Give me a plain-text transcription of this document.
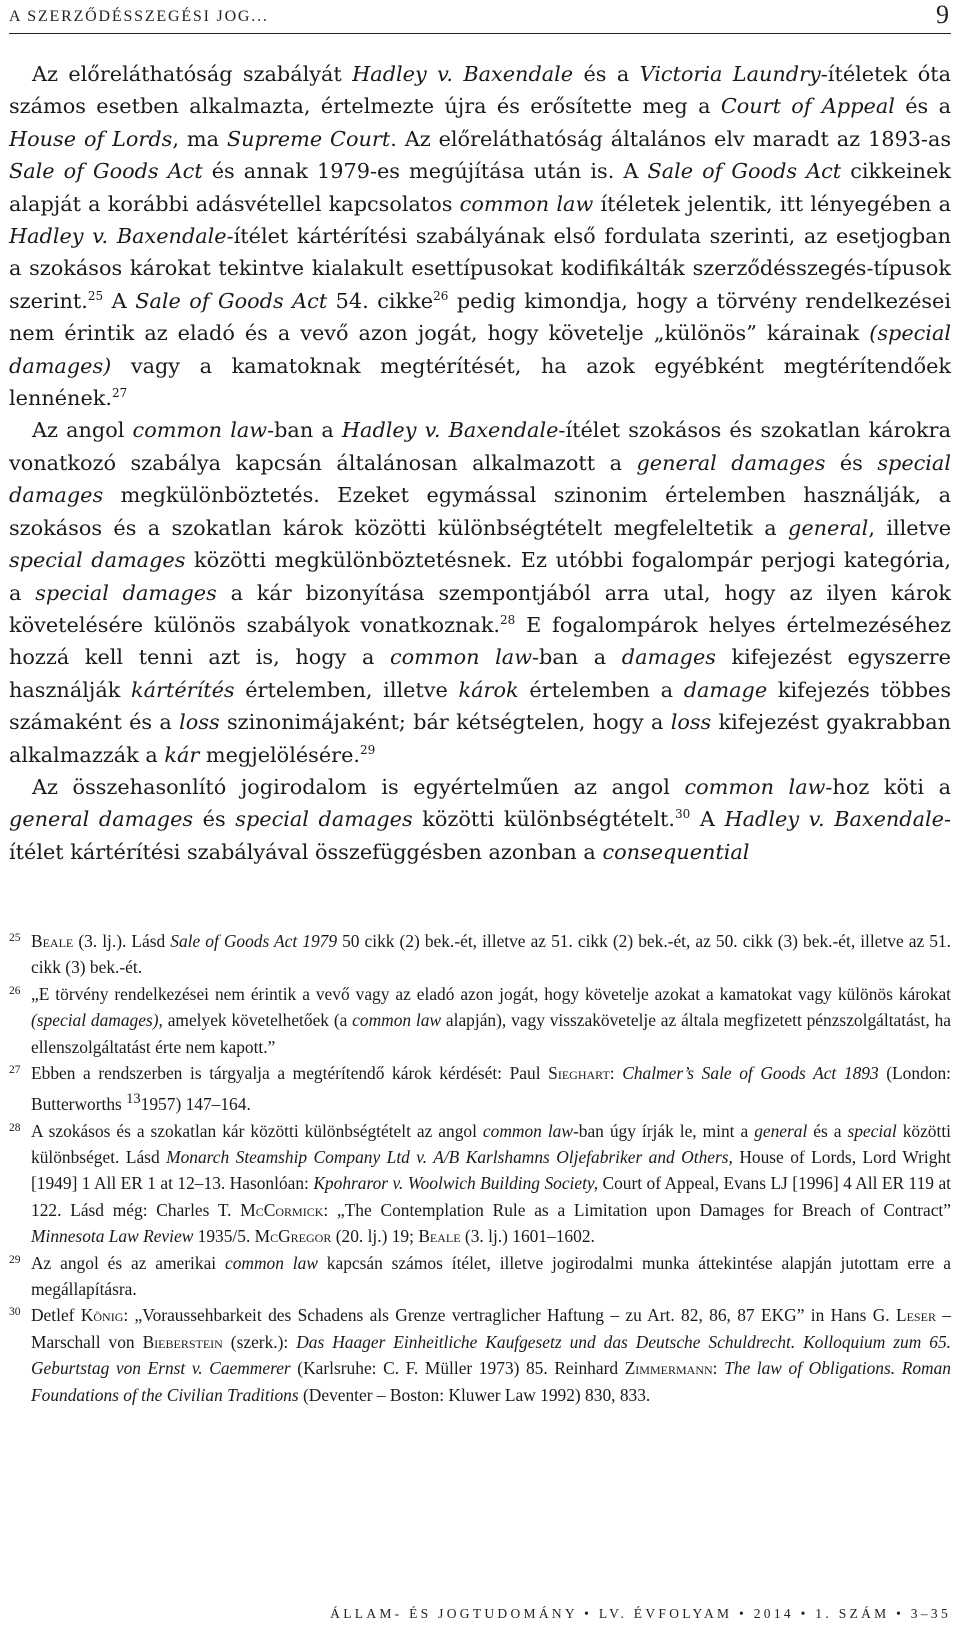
A SZERZŐDÉSSZEGÉSI JOG...	9

Az előreláthatóság szabályát Hadley v. Baxendale és a Victoria Laundry-ítéletek óta számos esetben alkalmazta, értelmezte újra és erősítette meg a Court of Appeal és a House of Lords, ma Supreme Court. Az előreláthatóság általános elv maradt az 1893-as Sale of Goods Act és annak 1979-es megújítása után is. A Sale of Goods Act cikkeinek alapját a korábbi adásvétellel kapcsolatos common law ítéletek jelentik, itt lényegében a Hadley v. Baxendale-ítélet kártérítési szabályának első fordulata szerinti, az esetjogban a szokásos károkat tekintve kialakult esettípusokat kodifikálták szerződésszegés-típusok szerint.$^{25}$ A Sale of Goods Act 54. cikke$^{26}$ pedig kimondja, hogy a törvény rendelkezései nem érintik az eladó és a vevő azon jogát, hogy követelje „különös” kárainak (special damages) vagy a kamatoknak megtérítését, ha azok egyébként megtérítendőek lennének.$^{27}$

Az angol common law-ban a Hadley v. Baxendale-ítélet szokásos és szokatlan károkra vonatkozó szabálya kapcsán általánosan alkalmazott a general damages és special damages megkülönböztetés. Ezeket egymással szinonim értelemben használják, a szokásos és a szokatlan károk közötti különbségtételt megfeleltetik a general, illetve special damages közötti megkülönböztetésnek. Ez utóbbi fogalompár perjogi kategória, a special damages a kár bizonyítása szempontjából arra utal, hogy az ilyen károk követelésére különös szabályok vonatkoznak.$^{28}$ E fogalompárok helyes értelmezéséhez hozzá kell tenni azt is, hogy a common law-ban a damages kifejezést egyszerre használják kártérítés értelemben, illetve károk értelemben a damage kifejezés többes számaként és a loss szinonimájaként; bár kétségtelen, hogy a loss kifejezést gyakrabban alkalmazzák a kár megjelölésére.$^{29}$

Az összehasonlító jogirodalom is egyértelműen az angol common law-hoz köti a general damages és special damages közötti különbségtételt.$^{30}$ A Hadley v. Baxendale-ítélet kártérítési szabályával összefüggésben azonban a consequential

25 Beale (3. lj.). Lásd Sale of Goods Act 1979 50 cikk (2) bek.-ét, illetve az 51. cikk (2) bek.-ét, az 50. cikk (3) bek.-ét, illetve az 51. cikk (3) bek.-ét.

26 „E törvény rendelkezései nem érintik a vevő vagy az eladó azon jogát, hogy követelje azokat a kamatokat vagy különös károkat (special damages), amelyek követelhetőek (a common law alapján), vagy visszakövetelje az általa megfizetett pénzszolgáltatást, ha ellenszolgáltatást érte nem kapott.”

27 Ebben a rendszerben is tárgyalja a megtérítendő károk kérdését: Paul Sieghart: Chalmer’s Sale of Goods Act 1893 (London: Butterworths $^{13}$1957) 147–164.

28 A szokásos és a szokatlan kár közötti különbségtételt az angol common law-ban úgy írják le, mint a general és a special közötti különbséget. Lásd Monarch Steamship Company Ltd v. A/B Karlshamns Oljefabriker and Others, House of Lords, Lord Wright [1949] 1 All ER 1 at 12–13. Hasonlóan: Kpohraror v. Woolwich Building Society, Court of Appeal, Evans LJ [1996] 4 All ER 119 at 122. Lásd még: Charles T. McCormick: „The Contemplation Rule as a Limitation upon Damages for Breach of Contract” Minnesota Law Review 1935/5. McGregor (20. lj.) 19; Beale (3. lj.) 1601–1602.

29 Az angol és az amerikai common law kapcsán számos ítélet, illetve jogirodalmi munka áttekintése alapján jutottam erre a megállapításra.

30 Detlef König: „Voraussehbarkeit des Schadens als Grenze vertraglicher Haftung – zu Art. 82, 86, 87 EKG” in Hans G. Leser – Marschall von Bieberstein (szerk.): Das Haager Einheitliche Kaufgesetz und das Deutsche Schuldrecht. Kolloquium zum 65. Geburtstag von Ernst v. Caemmerer (Karlsruhe: C. F. Müller 1973) 85. Reinhard Zimmermann: The law of Obligations. Roman Foundations of the Civilian Traditions (Deventer – Boston: Kluwer Law 1992) 830, 833.

ÁLLAM- ÉS JOGTUDOMÁNY • LV. ÉVFOLYAM • 2014 • 1. SZÁM • 3–35
